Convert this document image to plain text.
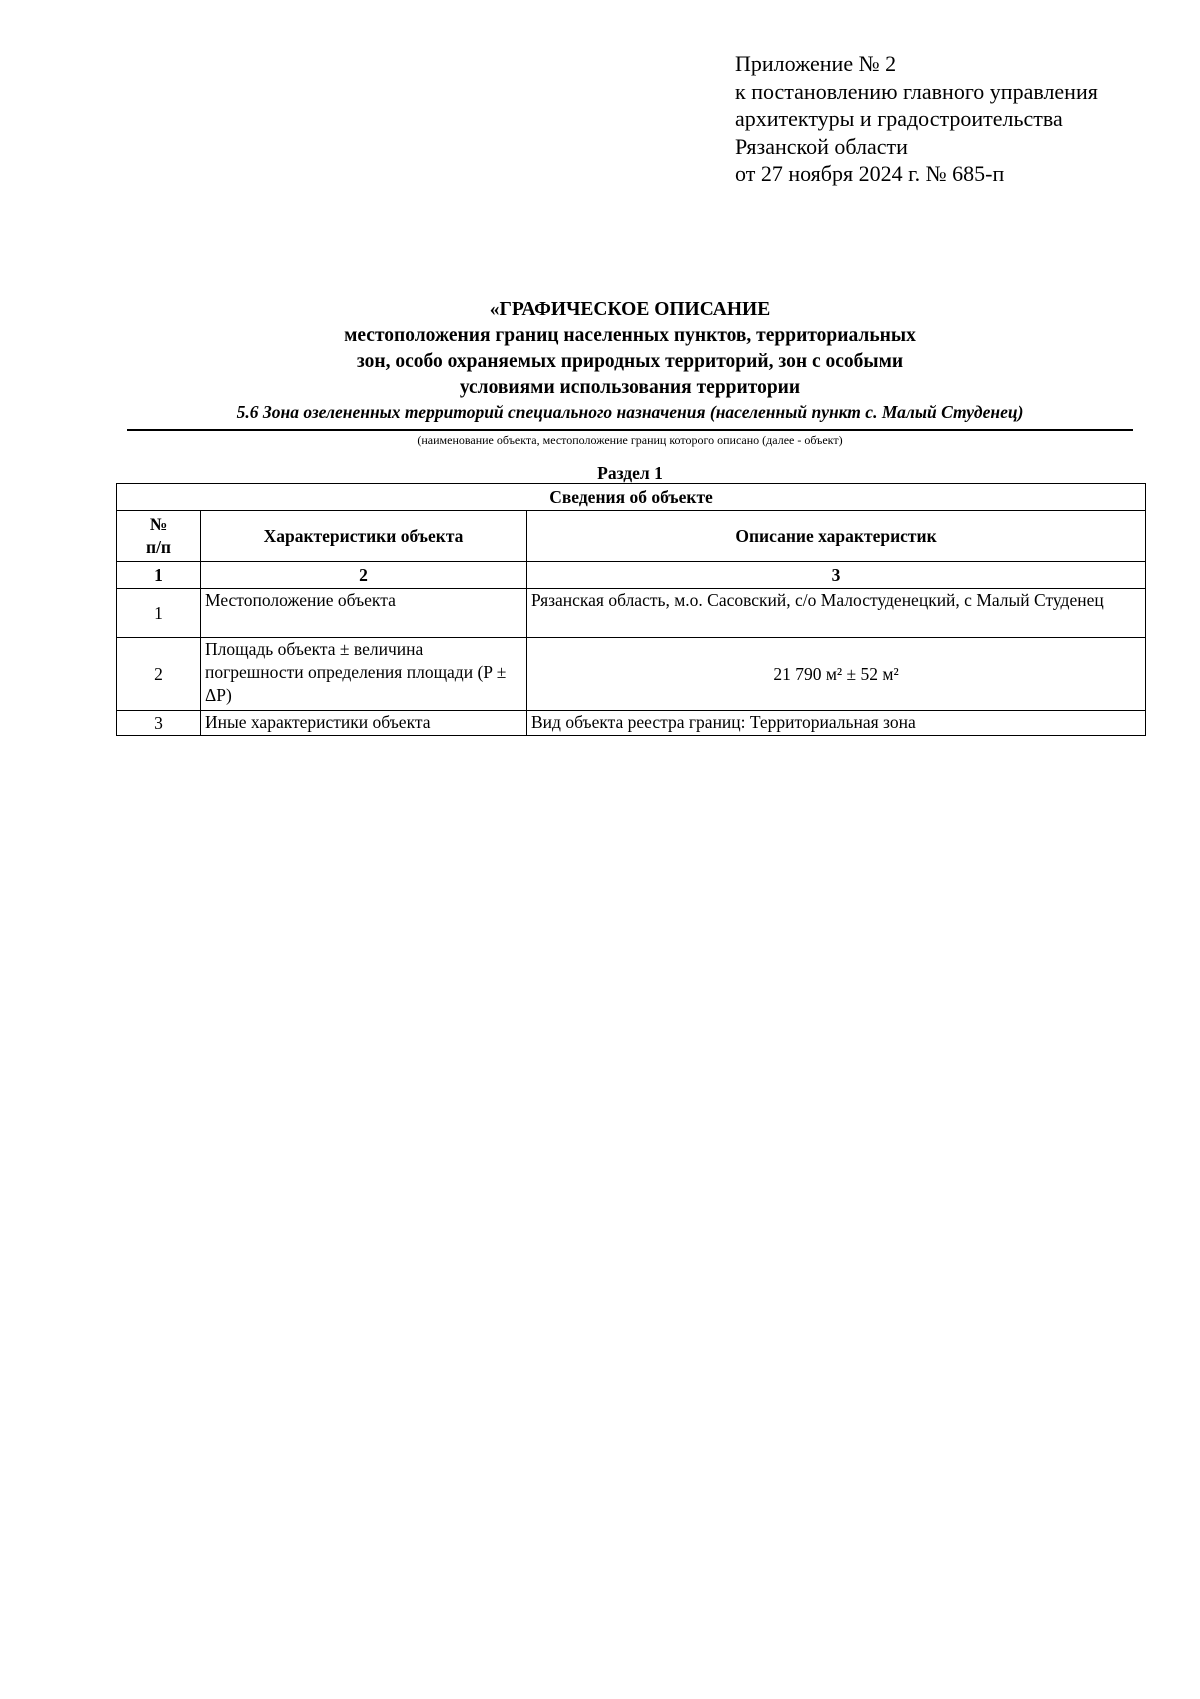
Приложение № 2
к постановлению главного управления
архитектуры и градостроительства
Рязанской области
от 27 ноября 2024 г. № 685-п
«ГРАФИЧЕСКОЕ ОПИСАНИЕ
местоположения границ населенных пунктов, территориальных
зон, особо охраняемых природных территорий, зон с особыми
условиями использования территории
5.6 Зона озелененных территорий специального назначения (населенный пункт с. Малый Студенец)
(наименование объекта, местоположение границ которого описано (далее - объект)
Раздел 1
Сведения об объекте		

№
п/п	Характеристики объекта	Описание характеристик
1	2	3
1	Местоположение объекта	Рязанская область, м.о. Сасовский, с/о Малостуденецкий, с Малый Студенец
2	Площадь объекта ± величина погрешности определения площади (P ± ΔP)	21 790 м² ± 52 м²
3	Иные характеристики объекта	Вид объекта реестра границ: Территориальная зона
